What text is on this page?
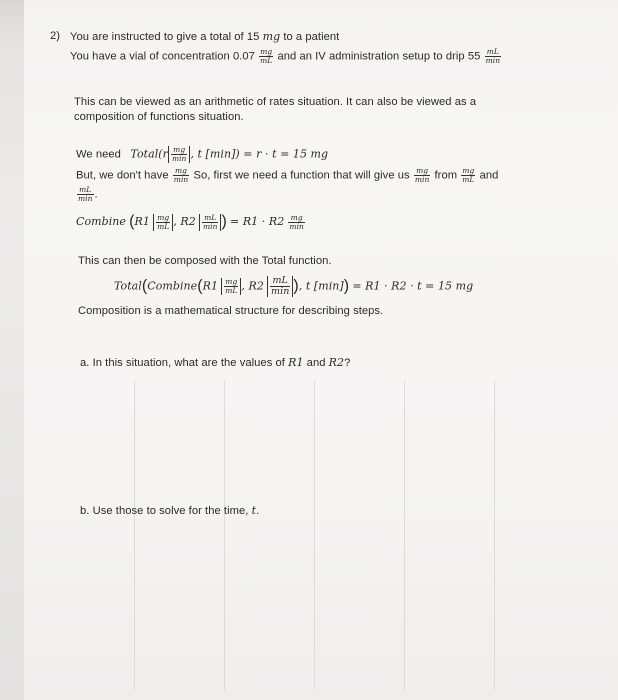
2) You are instructed to give a total of 15 mg to a patient
You have a vial of concentration $0.07 \frac{mg}{mL}$ and an IV administration setup to drip $55 \frac{mL}{\min}$
This can be viewed as an arithmetic of rates situation. It can also be viewed as a
composition of functions situation.
We need Total(r $\frac{mg}{\min}$ , t [min]) = r · t = 15 mg
But, we don't have $\frac{mg}{\min} So$, first we need a function that will give us $\frac{mg}{\min}$ from $\frac{mg}{mL}$ and
$\frac{mL}{\min}$ .
Combine ($R1 \frac{mg}{mL}$ , $R2 \frac{mL}{\min}$ ) = $R1 \cdot R2 \frac{mg}{\min}$
This can then be composed with the Total function.
Total(Combine(R1 $\frac{mg}{mL}$ , $R2 \frac{mL}{\min}$ ), t [min]) = R1 · R2 · t = 15 mg
Composition is a mathematical structure for describing steps.
a. In this situation, what are the values of R1 and R2?
b. Use those to solve for the time, t.
